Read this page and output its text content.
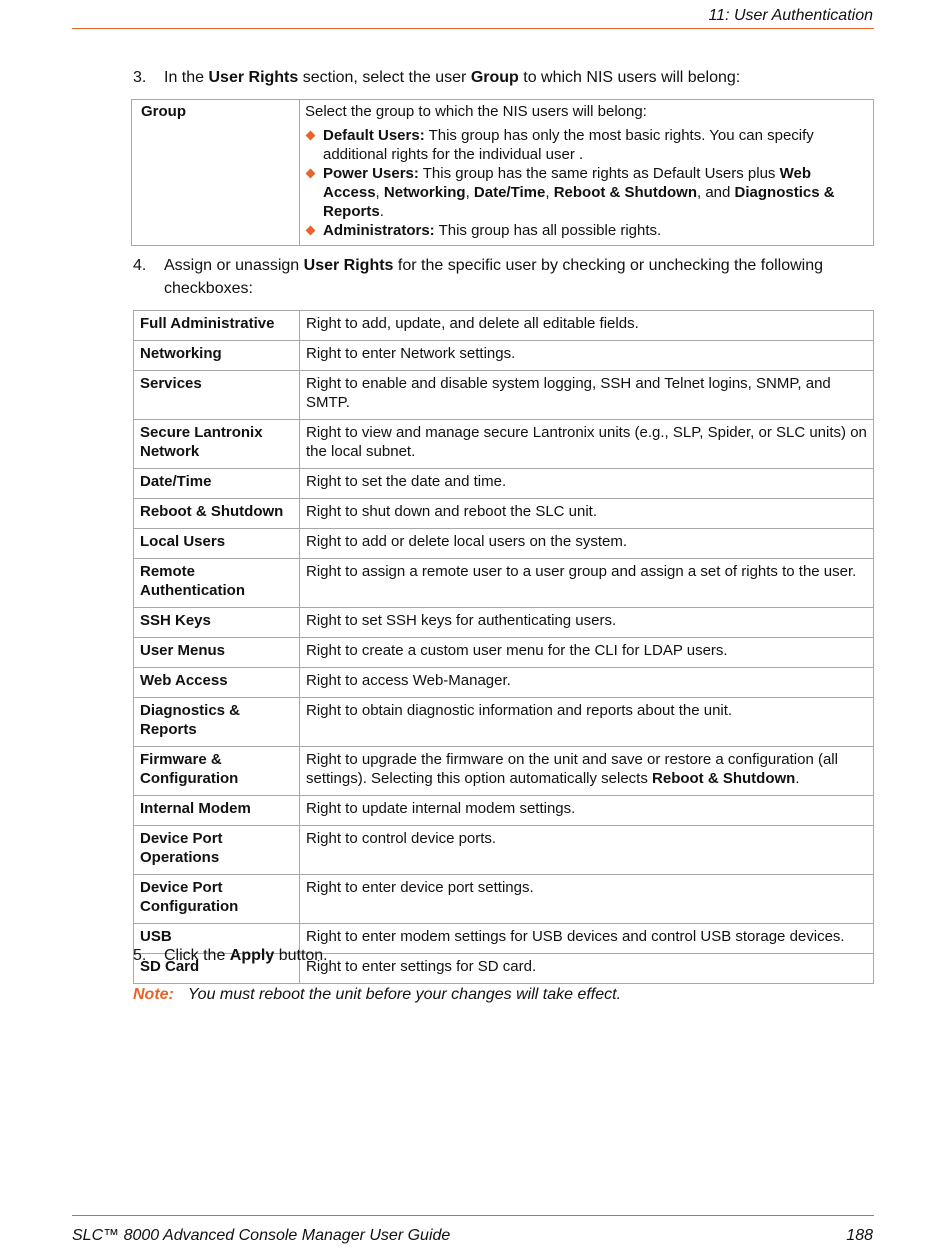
11: User Authentication
3.	In the User Rights section, select the user Group to which NIS users will belong:
Group	Select the group to which the NIS users will belong:
Default Users: This group has only the most basic rights. You can specify additional rights for the individual user .
Power Users: This group has the same rights as Default Users plus Web Access, Networking, Date/Time, Reboot & Shutdown, and Diagnostics & Reports.
Administrators: This group has all possible rights.
4.	Assign or unassign User Rights for the specific user by checking or unchecking the following checkboxes:
Full Administrative	Right to add, update, and delete all editable fields.
Networking	Right to enter Network settings.
Services	Right to enable and disable system logging, SSH and Telnet logins, SNMP, and SMTP.
Secure Lantronix Network	Right to view and manage secure Lantronix units (e.g., SLP, Spider, or SLC units) on the local subnet.
Date/Time	Right to set the date and time.
Reboot & Shutdown	Right to shut down and reboot the SLC unit.
Local Users	Right to add or delete local users on the system.
Remote Authentication	Right to assign a remote user to a user group and assign a set of rights to the user.
SSH Keys	Right to set SSH keys for authenticating users.
User Menus	Right to create a custom user menu for the CLI for LDAP users.
Web Access	Right to access Web-Manager.
Diagnostics & Reports	Right to obtain diagnostic information and reports about the unit.
Firmware & Configuration	Right to upgrade the firmware on the unit and save or restore a configuration (all settings). Selecting this option automatically selects Reboot & Shutdown.
Internal Modem	Right to update internal modem settings.
Device Port Operations	Right to control device ports.
Device Port Configuration	Right to enter device port settings.
USB	Right to enter modem settings for USB devices and control USB storage devices.
SD Card	Right to enter settings for SD card.
5.	Click the Apply button.
Note: You must reboot the unit before your changes will take effect.
SLC™ 8000 Advanced Console Manager User Guide	188
